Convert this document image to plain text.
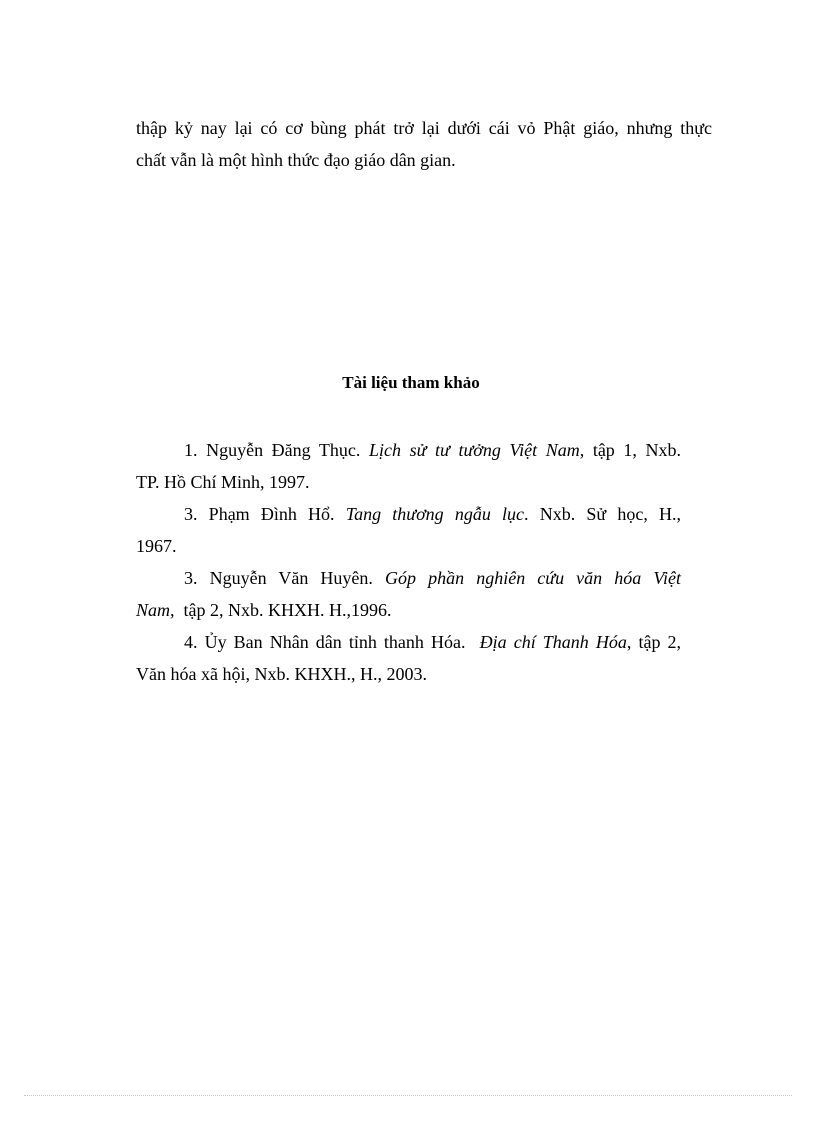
thập kỷ nay lại có cơ bùng phát trở lại dưới cái vỏ Phật giáo, nhưng thực
chất vẫn là một hình thức đạo giáo dân gian.

Tài liệu tham khảo
1. Nguyễn Đăng Thục. Lịch sử tư tưởng Việt Nam, tập 1, Nxb.
TP. Hồ Chí Minh, 1997.
3. Phạm Đình Hổ. Tang thương ngẫu lục. Nxb. Sử học, H.,
1967.
3. Nguyễn Văn Huyên. Góp phần nghiên cứu văn hóa Việt
Nam,  tập 2, Nxb. KHXH. H.,1996.
4. Ủy Ban Nhân dân tỉnh thanh Hóa.  Địa chí Thanh Hóa, tập 2,
Văn hóa xã hội, Nxb. KHXH., H., 2003.
